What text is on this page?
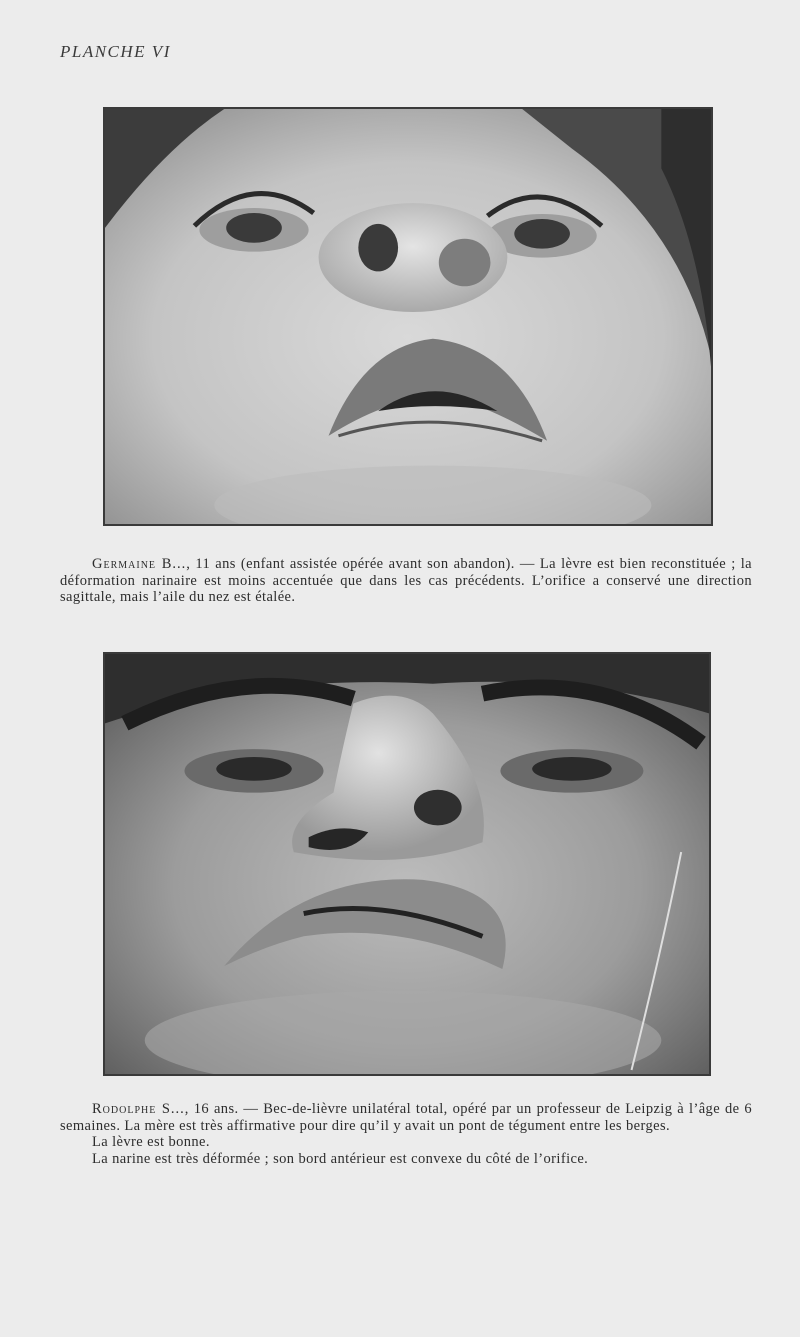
PLANCHE VI

Germaine B..., 11 ans (enfant assistée opérée avant son abandon). — La lèvre est bien reconstituée ; la déformation narinaire est moins accentuée que dans les cas précédents. L’orifice a conservé une direction sagittale, mais l’aile du nez est étalée.

Rodolphe S..., 16 ans. — Bec-de-lièvre unilatéral total, opéré par un professeur de Leipzig à l’âge de 6 semaines. La mère est très affirmative pour dire qu’il y avait un pont de tégument entre les berges.

La lèvre est bonne.

La narine est très déformée ; son bord antérieur est convexe du côté de l’orifice.
